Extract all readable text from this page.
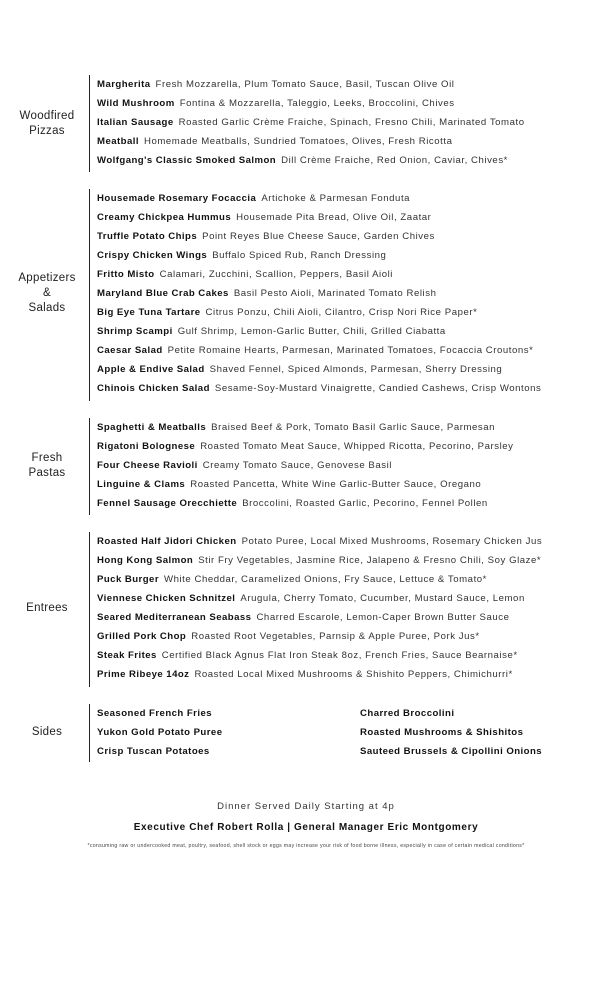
Woodfired
Pizzas
Margherita Fresh Mozzarella, Plum Tomato Sauce, Basil, Tuscan Olive Oil
Wild Mushroom Fontina & Mozzarella, Taleggio, Leeks, Broccolini, Chives
Italian Sausage Roasted Garlic Crème Fraiche, Spinach, Fresno Chili, Marinated Tomato
Meatball Homemade Meatballs, Sundried Tomatoes, Olives, Fresh Ricotta
Wolfgang's Classic Smoked Salmon Dill Crème Fraiche, Red Onion, Caviar, Chives*
Appetizers
&
Salads
Housemade Rosemary Focaccia Artichoke & Parmesan Fonduta
Creamy Chickpea Hummus Housemade Pita Bread, Olive Oil, Zaatar
Truffle Potato Chips Point Reyes Blue Cheese Sauce, Garden Chives
Crispy Chicken Wings Buffalo Spiced Rub, Ranch Dressing
Fritto Misto Calamari, Zucchini, Scallion, Peppers, Basil Aioli
Maryland Blue Crab Cakes Basil Pesto Aioli, Marinated Tomato Relish
Big Eye Tuna Tartare Citrus Ponzu, Chili Aioli, Cilantro, Crisp Nori Rice Paper*
Shrimp Scampi Gulf Shrimp, Lemon-Garlic Butter, Chili, Grilled Ciabatta
Caesar Salad Petite Romaine Hearts, Parmesan, Marinated Tomatoes, Focaccia Croutons*
Apple & Endive Salad Shaved Fennel, Spiced Almonds, Parmesan, Sherry Dressing
Chinois Chicken Salad Sesame-Soy-Mustard Vinaigrette, Candied Cashews, Crisp Wontons
Fresh
Pastas
Spaghetti & Meatballs Braised Beef & Pork, Tomato Basil Garlic Sauce, Parmesan
Rigatoni Bolognese Roasted Tomato Meat Sauce, Whipped Ricotta, Pecorino, Parsley
Four Cheese Ravioli Creamy Tomato Sauce, Genovese Basil
Linguine & Clams Roasted Pancetta, White Wine Garlic-Butter Sauce, Oregano
Fennel Sausage Orecchiette Broccolini, Roasted Garlic, Pecorino, Fennel Pollen
Entrees
Roasted Half Jidori Chicken Potato Puree, Local Mixed Mushrooms, Rosemary Chicken Jus
Hong Kong Salmon Stir Fry Vegetables, Jasmine Rice, Jalapeno & Fresno Chili, Soy Glaze*
Puck Burger White Cheddar, Caramelized Onions, Fry Sauce, Lettuce & Tomato*
Viennese Chicken Schnitzel Arugula, Cherry Tomato, Cucumber, Mustard Sauce, Lemon
Seared Mediterranean Seabass Charred Escarole, Lemon-Caper Brown Butter Sauce
Grilled Pork Chop Roasted Root Vegetables, Parnsip & Apple Puree, Pork Jus*
Steak Frites Certified Black Agnus Flat Iron Steak 8oz, French Fries, Sauce Bearnaise*
Prime Ribeye 14oz Roasted Local Mixed Mushrooms & Shishito Peppers, Chimichurri*
Sides
Seasoned French Fries
Yukon Gold Potato Puree
Crisp Tuscan Potatoes
Charred Broccolini
Roasted Mushrooms & Shishitos
Sauteed Brussels & Cipollini Onions
Dinner Served Daily Starting at 4p
Executive Chef Robert Rolla | General Manager Eric Montgomery
*consuming raw or undercooked meat, poultry, seafood, shell stock or eggs may increase your risk of food borne illness, especially in case of certain medical conditions*
